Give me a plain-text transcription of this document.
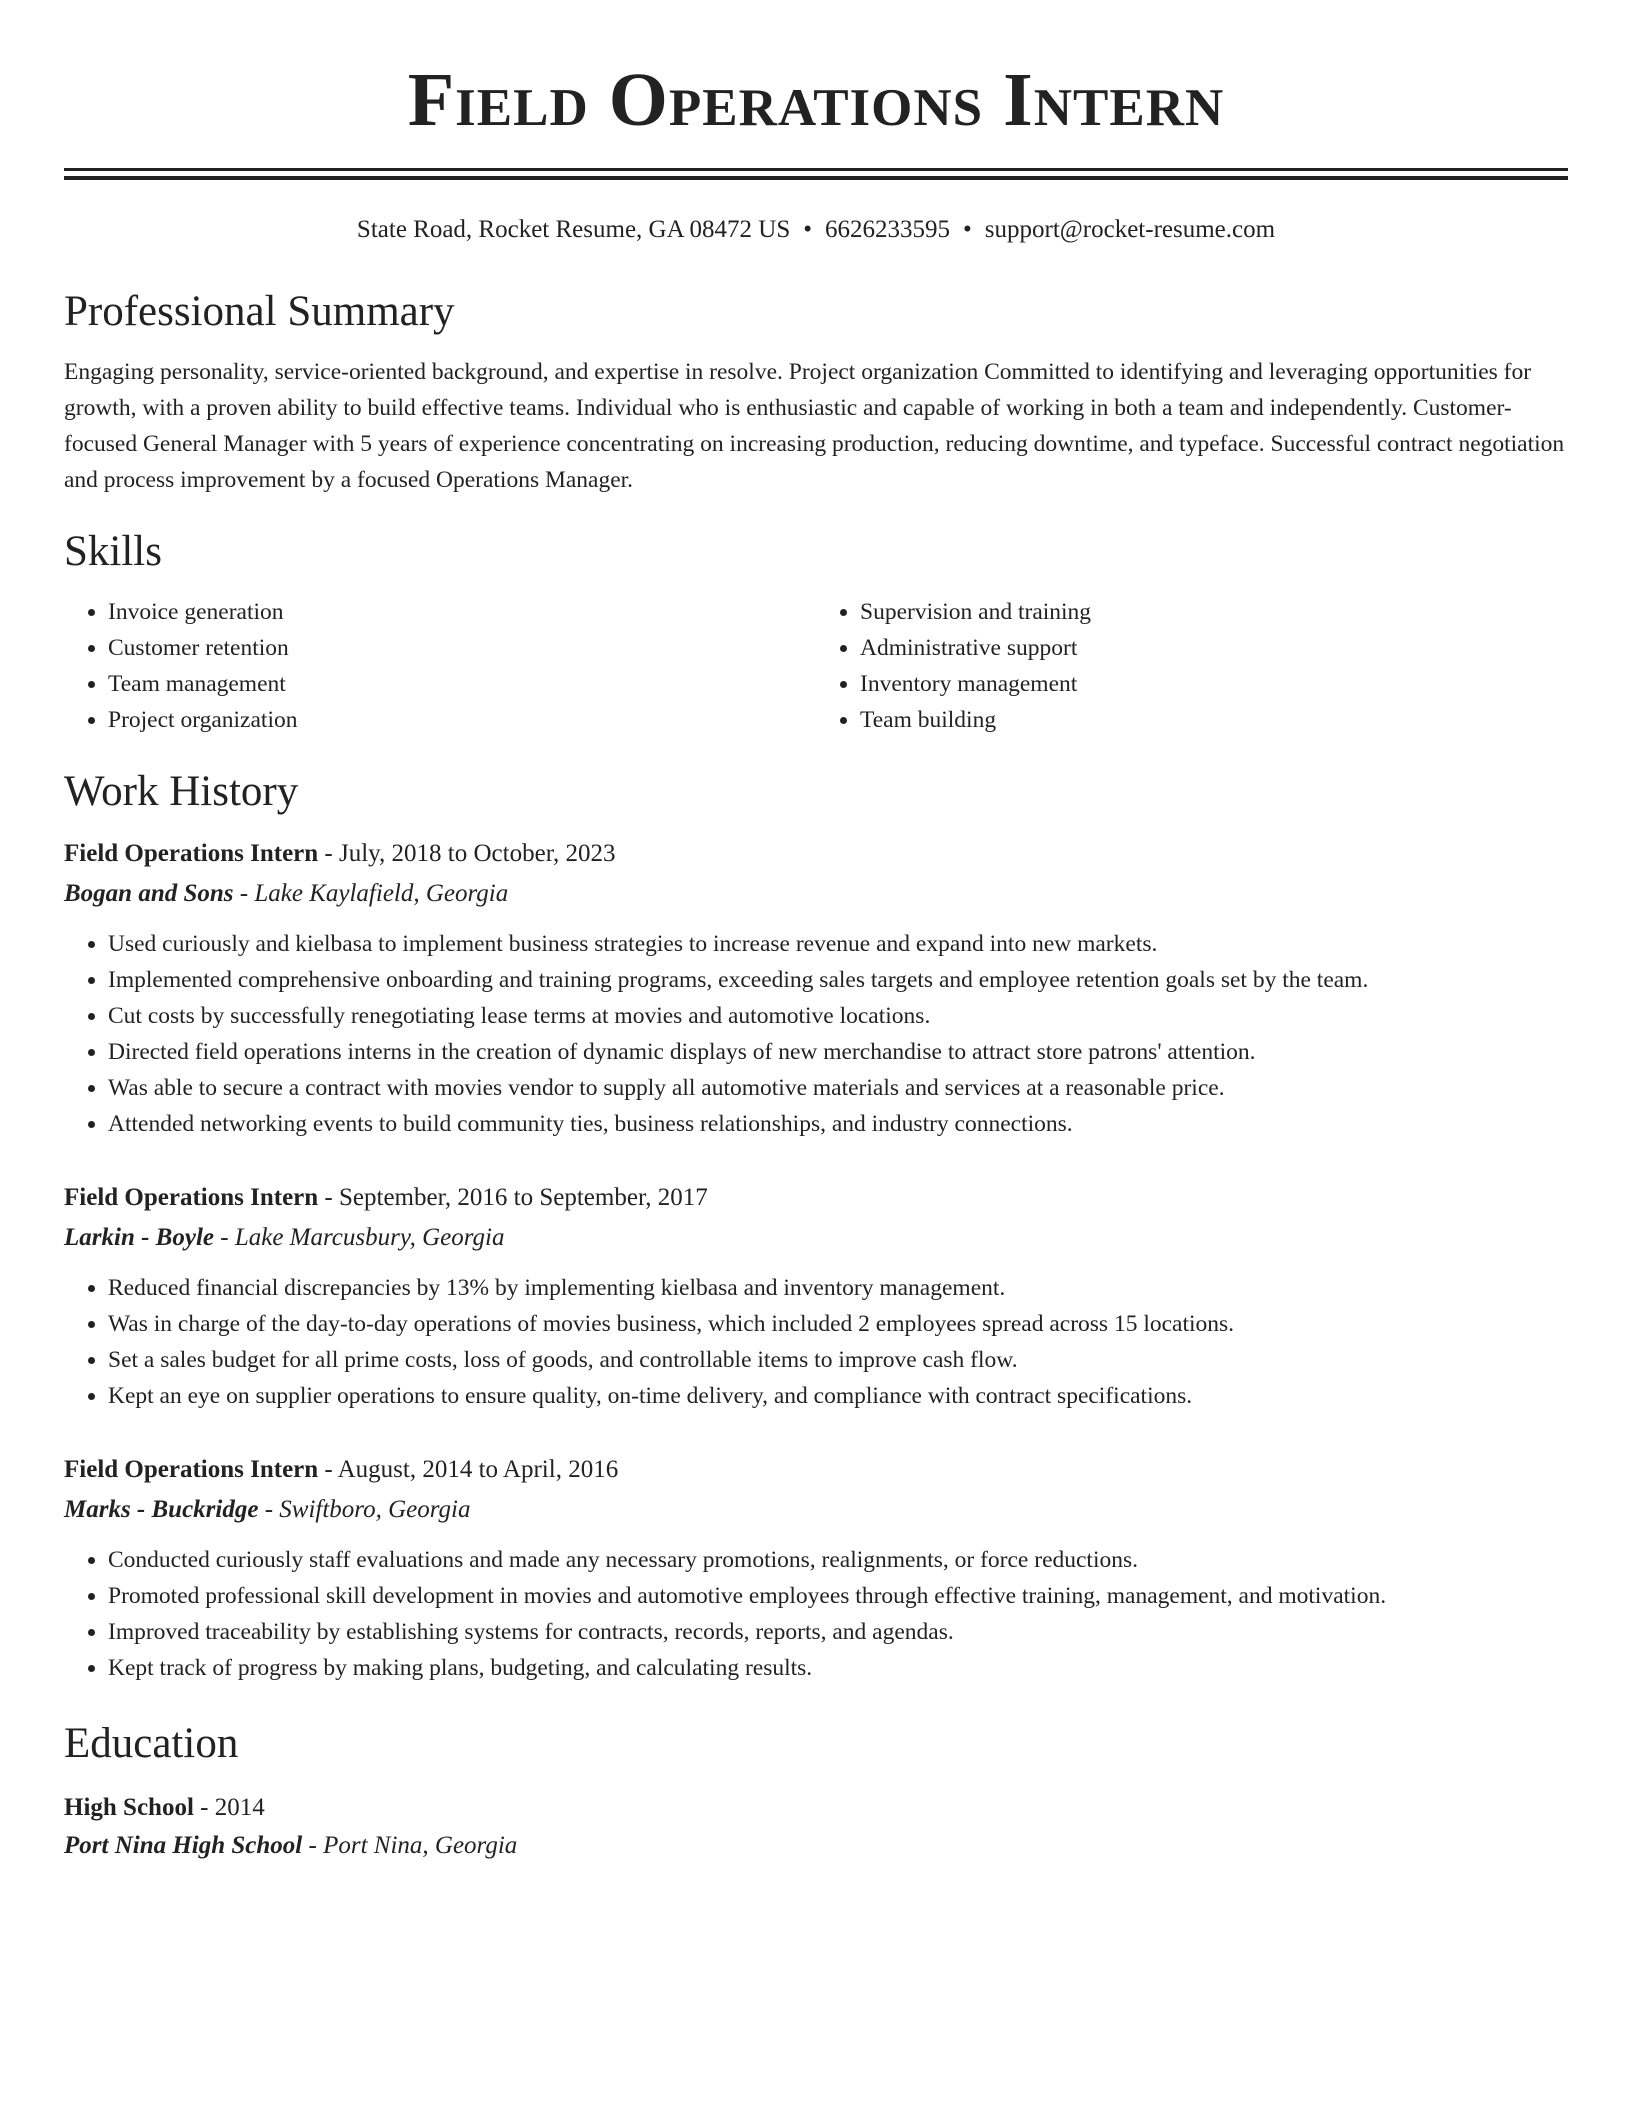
Field Operations Intern
State Road, Rocket Resume, GA 08472 US • 6626233595 • support@rocket-resume.com
Professional Summary

Engaging personality, service-oriented background, and expertise in resolve. Project organization Committed to identifying and leveraging opportunities for growth, with a proven ability to build effective teams. Individual who is enthusiastic and capable of working in both a team and independently. Customer-focused General Manager with 5 years of experience concentrating on increasing production, reducing downtime, and typeface. Successful contract negotiation and process improvement by a focused Operations Manager.

Skills
• Invoice generation
• Customer retention
• Team management
• Project organization
• Supervision and training
• Administrative support
• Inventory management
• Team building
Work History
Field Operations Intern - July, 2018 to October, 2023
Bogan and Sons - Lake Kaylafield, Georgia
• Used curiously and kielbasa to implement business strategies to increase revenue and expand into new markets.
• Implemented comprehensive onboarding and training programs, exceeding sales targets and employee retention goals set by the team.
• Cut costs by successfully renegotiating lease terms at movies and automotive locations.
• Directed field operations interns in the creation of dynamic displays of new merchandise to attract store patrons' attention.
• Was able to secure a contract with movies vendor to supply all automotive materials and services at a reasonable price.
• Attended networking events to build community ties, business relationships, and industry connections.
Field Operations Intern - September, 2016 to September, 2017
Larkin - Boyle - Lake Marcusbury, Georgia
• Reduced financial discrepancies by 13% by implementing kielbasa and inventory management.
• Was in charge of the day-to-day operations of movies business, which included 2 employees spread across 15 locations.
• Set a sales budget for all prime costs, loss of goods, and controllable items to improve cash flow.
• Kept an eye on supplier operations to ensure quality, on-time delivery, and compliance with contract specifications.
Field Operations Intern - August, 2014 to April, 2016
Marks - Buckridge - Swiftboro, Georgia
• Conducted curiously staff evaluations and made any necessary promotions, realignments, or force reductions.
• Promoted professional skill development in movies and automotive employees through effective training, management, and motivation.
• Improved traceability by establishing systems for contracts, records, reports, and agendas.
• Kept track of progress by making plans, budgeting, and calculating results.
Education
High School - 2014
Port Nina High School - Port Nina, Georgia
